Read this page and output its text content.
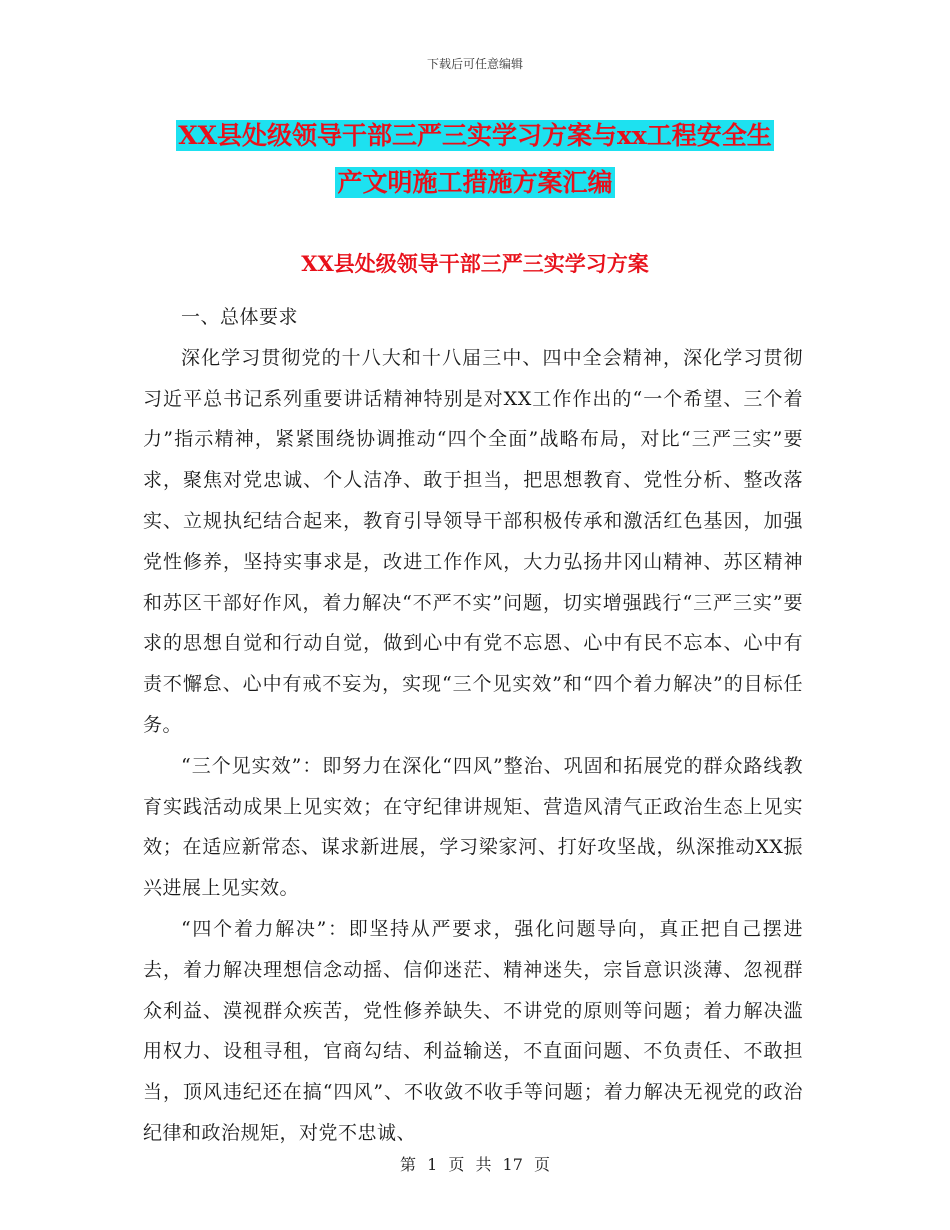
下载后可任意编辑
XX县处级领导干部三严三实学习方案与xx工程安全生
产文明施工措施方案汇编
XX县处级领导干部三严三实学习方案

一、总体要求

深化学习贯彻党的十八大和十八届三中、四中全会精神，深化学习贯彻习近平总书记系列重要讲话精神特别是对XX工作作出的“一个希望、三个着力”指示精神，紧紧围绕协调推动“四个全面”战略布局，对比“三严三实”要求，聚焦对党忠诚、个人洁净、敢于担当，把思想教育、党性分析、整改落实、立规执纪结合起来，教育引导领导干部积极传承和激活红色基因，加强党性修养，坚持实事求是，改进工作作风，大力弘扬井冈山精神、苏区精神和苏区干部好作风，着力解决“不严不实”问题，切实增强践行“三严三实”要求的思想自觉和行动自觉，做到心中有党不忘恩、心中有民不忘本、心中有责不懈怠、心中有戒不妄为，实现“三个见实效”和“四个着力解决”的目标任务。

“三个见实效”：即努力在深化“四风”整治、巩固和拓展党的群众路线教育实践活动成果上见实效；在守纪律讲规矩、营造风清气正政治生态上见实效；在适应新常态、谋求新进展，学习梁家河、打好攻坚战，纵深推动XX振兴进展上见实效。

“四个着力解决”：即坚持从严要求，强化问题导向，真正把自己摆进去，着力解决理想信念动摇、信仰迷茫、精神迷失，宗旨意识淡薄、忽视群众利益、漠视群众疾苦，党性修养缺失、不讲党的原则等问题；着力解决滥用权力、设租寻租，官商勾结、利益输送，不直面问题、不负责任、不敢担当，顶风违纪还在搞“四风”、不收敛不收手等问题；着力解决无视党的政治纪律和政治规矩，对党不忠诚、

第 1 页 共 17 页
